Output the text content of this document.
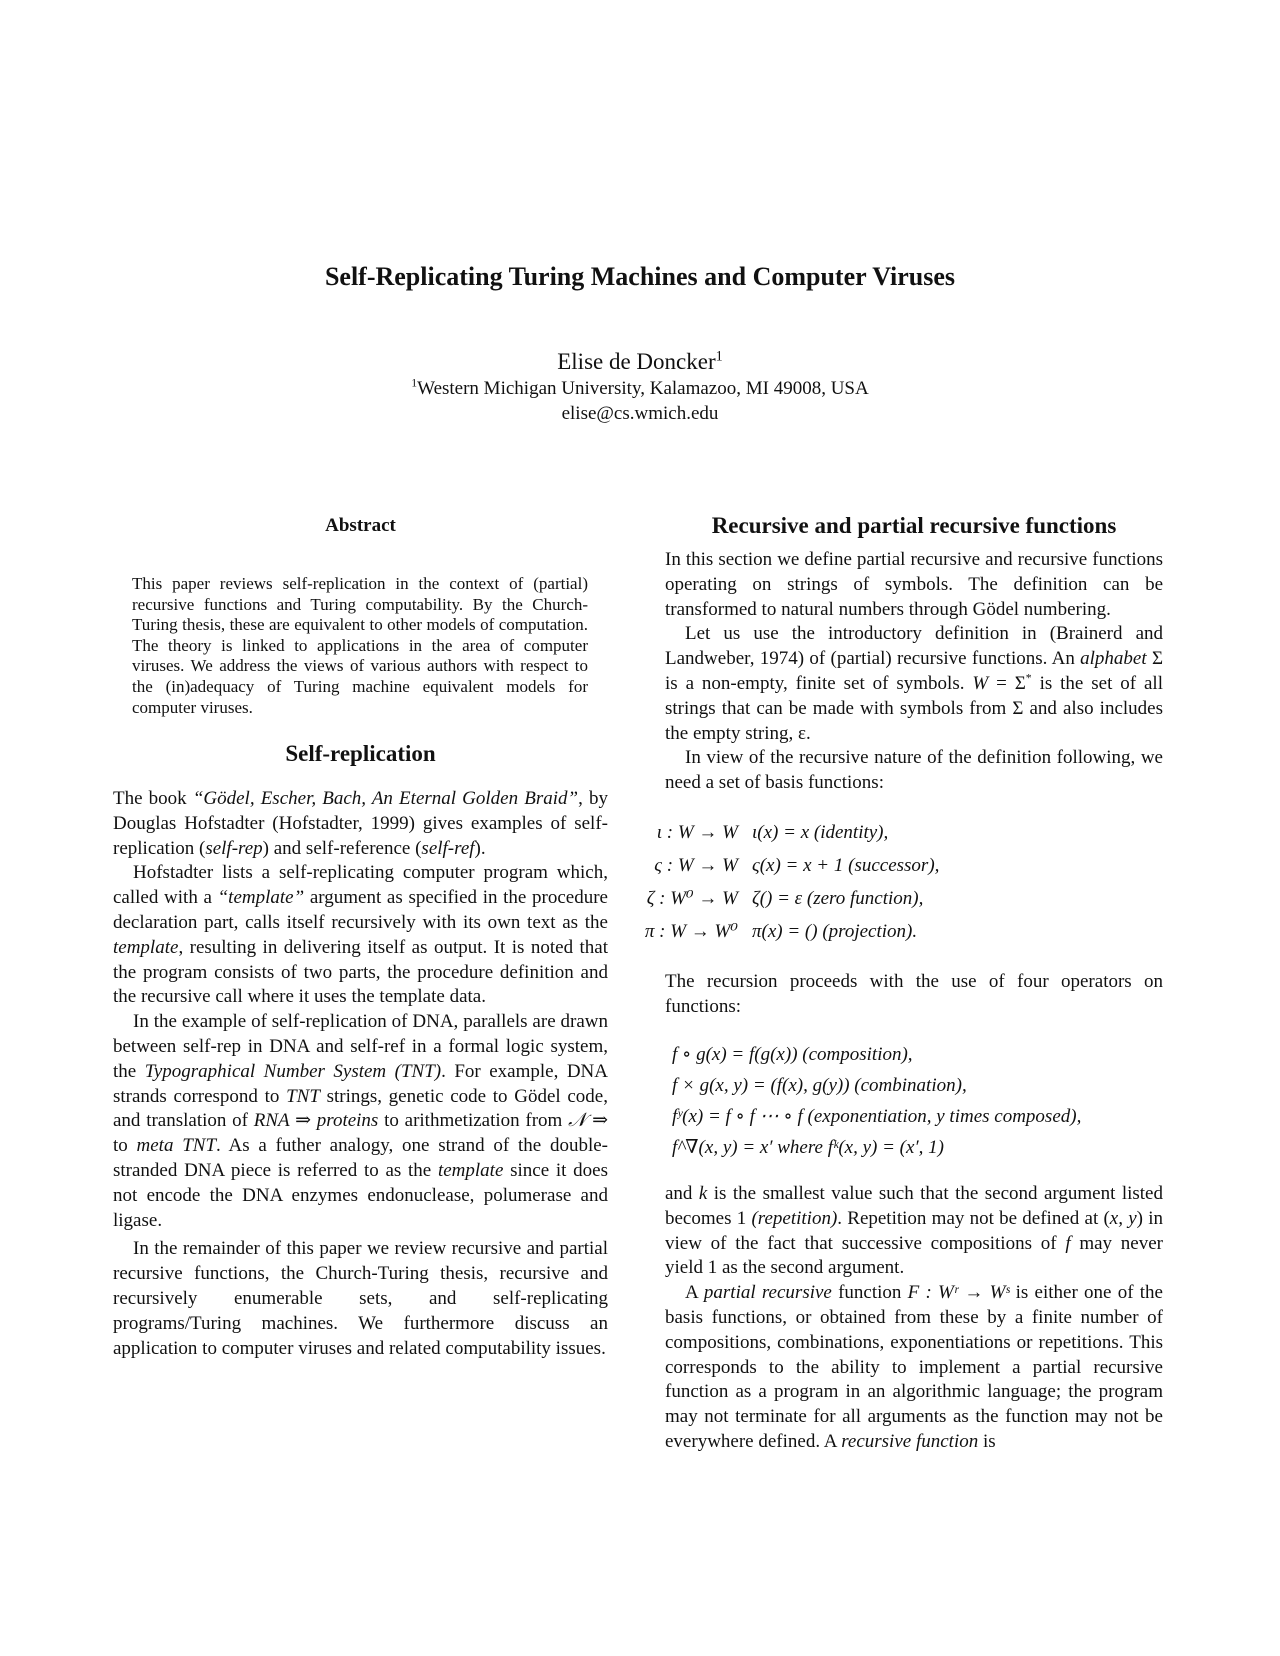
Self-Replicating Turing Machines and Computer Viruses
Elise de Doncker$^1$
$^1$Western Michigan University, Kalamazoo, MI 49008, USA
elise@cs.wmich.edu
Abstract
This paper reviews self-replication in the context of (partial) recursive functions and Turing computability. By the Church-Turing thesis, these are equivalent to other models of computation. The theory is linked to applications in the area of computer viruses. We address the views of various authors with respect to the (in)adequacy of Turing machine equivalent models for computer viruses.
Self-replication

The book “Gödel, Escher, Bach, An Eternal Golden Braid”, by Douglas Hofstadter (Hofstadter, 1999) gives examples of self-replication (self-rep) and self-reference (self-ref).

Hofstadter lists a self-replicating computer program which, called with a “template” argument as specified in the procedure declaration part, calls itself recursively with its own text as the template, resulting in delivering itself as output. It is noted that the program consists of two parts, the procedure definition and the recursive call where it uses the template data.

In the example of self-replication of DNA, parallels are drawn between self-rep in DNA and self-ref in a formal logic system, the Typographical Number System (TNT). For example, DNA strands correspond to TNT strings, genetic code to Gödel code, and translation of RNA ⇒ proteins to arithmetization from 𝒩 ⇒ to meta TNT. As a futher analogy, one strand of the double-stranded DNA piece is referred to as the template since it does not encode the DNA enzymes endonuclease, polumerase and ligase.

In the remainder of this paper we review recursive and partial recursive functions, the Church-Turing thesis, recursive and recursively enumerable sets, and self-replicating programs/Turing machines. We furthermore discuss an application to computer viruses and related computability issues.

Recursive and partial recursive functions

In this section we define partial recursive and recursive functions operating on strings of symbols. The definition can be transformed to natural numbers through Gödel numbering.

Let us use the introductory definition in (Brainerd and Landweber, 1974) of (partial) recursive functions. An alphabet Σ is a non-empty, finite set of symbols. W = Σ* is the set of all strings that can be made with symbols from Σ and also includes the empty string, ε.

In view of the recursive nature of the definition following, we need a set of basis functions:

ι : W → W ι(x) = x (identity),
ς : W → W ς(x) = x + 1 (successor),
ζ : W⁰ → W ζ() = ε (zero function),
π : W → W⁰ π(x) = () (projection).

The recursion proceeds with the use of four operators on functions:

f ∘ g(x) = f(g(x)) (composition),
f × g(x, y) = (f(x), g(y)) (combination),
fʸ(x) = f ∘ f ⋯ ∘ f (exponentiation, y times composed),
f^∇(x, y) = x′ where fᵏ(x, y) = (x′, 1)

and k is the smallest value such that the second argument listed becomes 1 (repetition). Repetition may not be defined at (x, y) in view of the fact that successive compositions of f may never yield 1 as the second argument.

A partial recursive function F : Wʳ → Wˢ is either one of the basis functions, or obtained from these by a finite number of compositions, combinations, exponentiations or repetitions. This corresponds to the ability to implement a partial recursive function as a program in an algorithmic language; the program may not terminate for all arguments as the function may not be everywhere defined. A recursive function is
